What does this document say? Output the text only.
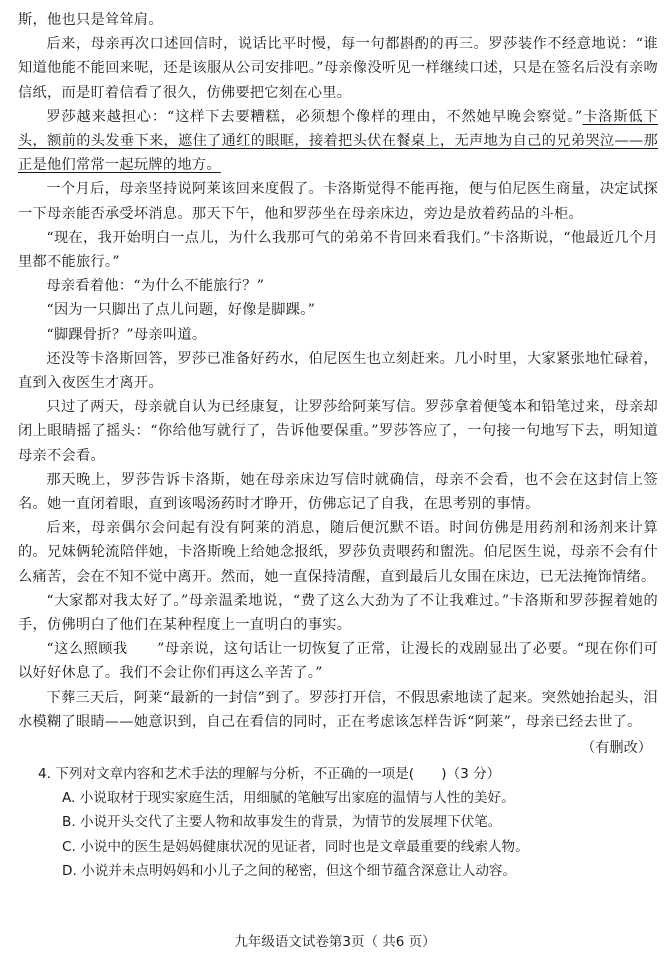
斯，他也只是耸耸肩。

后来，母亲再次口述回信时，说话比平时慢，每一句都斟酌的再三。罗莎装作不经意地说：“谁知道他能不能回来呢，还是该服从公司安排吧。”母亲像没听见一样继续口述，只是在签名后没有亲吻信纸，而是盯着信看了很久，仿佛要把它刻在心里。

罗莎越来越担心：“这样下去要糟糕，必须想个像样的理由，不然她早晚会察觉。”卡洛斯低下头，额前的头发垂下来，遮住了通红的眼眶，接着把头伏在餐桌上，无声地为自己的兄弟哭泣——那正是他们常常一起玩牌的地方。

一个月后，母亲坚持说阿莱该回来度假了。卡洛斯觉得不能再拖，便与伯尼医生商量，决定试探一下母亲能否承受坏消息。那天下午，他和罗莎坐在母亲床边，旁边是放着药品的斗柜。

“现在，我开始明白一点儿，为什么我那可气的弟弟不肯回来看我们。”卡洛斯说，“他最近几个月里都不能旅行。”

母亲看着他：“为什么不能旅行？”

“因为一只脚出了点儿问题，好像是脚踝。”

“脚踝骨折？”母亲叫道。

还没等卡洛斯回答，罗莎已准备好药水，伯尼医生也立刻赶来。几小时里，大家紧张地忙碌着，直到入夜医生才离开。

只过了两天，母亲就自认为已经康复，让罗莎给阿莱写信。罗莎拿着便笺本和铅笔过来，母亲却闭上眼睛摇了摇头：“你给他写就行了，告诉他要保重。”罗莎答应了，一句接一句地写下去，明知道母亲不会看。

那天晚上，罗莎告诉卡洛斯，她在母亲床边写信时就确信，母亲不会看，也不会在这封信上签名。她一直闭着眼，直到该喝汤药时才睁开，仿佛忘记了自我，在思考别的事情。

后来，母亲偶尔会问起有没有阿莱的消息，随后便沉默不语。时间仿佛是用药剂和汤剂来计算的。兄妹俩轮流陪伴她，卡洛斯晚上给她念报纸，罗莎负责喂药和盥洗。伯尼医生说，母亲不会有什么痛苦，会在不知不觉中离开。然而，她一直保持清醒，直到最后儿女围在床边，已无法掩饰情绪。

“大家都对我太好了。”母亲温柔地说，“费了这么大劲为了不让我难过。”卡洛斯和罗莎握着她的手，仿佛明白了他们在某种程度上一直明白的事实。

“这么照顾我　　”母亲说，这句话让一切恢复了正常，让漫长的戏剧显出了必要。“现在你们可以好好休息了。我们不会让你们再这么辛苦了。”

下葬三天后，阿莱“最新的一封信”到了。罗莎打开信，不假思索地读了起来。突然她抬起头，泪水模糊了眼睛——她意识到，自己在看信的同时，正在考虑该怎样告诉“阿莱”，母亲已经去世了。

（有删改）

4. 下列对文章内容和艺术手法的理解与分析，不正确的一项是(　　)（3 分）

A. 小说取材于现实家庭生活，用细腻的笔触写出家庭的温情与人性的美好。

B. 小说开头交代了主要人物和故事发生的背景，为情节的发展埋下伏笔。

C. 小说中的医生是妈妈健康状况的见证者，同时也是文章最重要的线索人物。

D. 小说并未点明妈妈和小儿子之间的秘密，但这个细节蕴含深意让人动容。

九年级语文试卷第3页（ 共6 页）
